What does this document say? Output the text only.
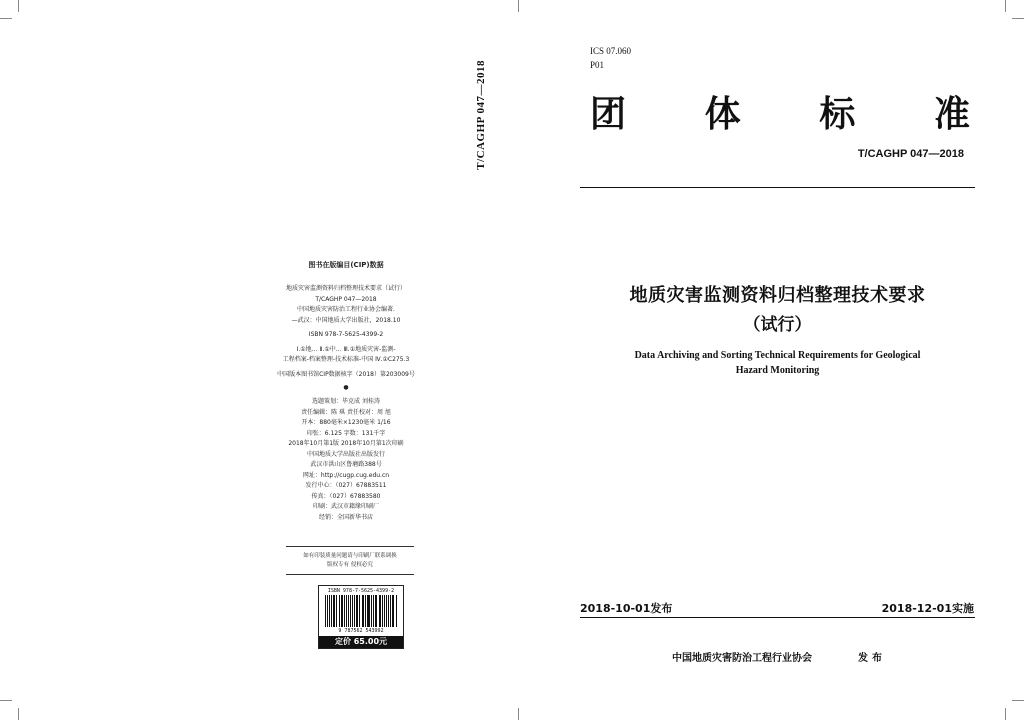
T/CAGHP 047—2018
图书在版编目(CIP)数据
地质灾害监测资料归档整理技术要求（试行）
T/CAGHP 047—2018
中国地质灾害防治工程行业协会编著.
—武汉：中国地质大学出版社，2018.10
ISBN 978-7-5625-4399-2
Ⅰ.①地… Ⅱ.①中… Ⅲ.①地质灾害-监测-
工程档案-档案整理-技术标准-中国 Ⅳ.①C275.3
中国版本图书馆CIP数据核字（2018）第203009号
●
选题策划：毕克成 刘桂涛
责任编辑：陈 琪 责任校对：周 旭
开本：880毫米×1230毫米 1/16
印张：6.125 字数：131千字
2018年10月第1版 2018年10月第1次印刷
中国地质大学出版社出版发行
武汉市洪山区鲁磨路388号
网址：http://cugp.cug.edu.cn
发行中心：（027）67883511
传真：（027）67883580
印刷：武汉市籍缘印刷厂
经销：全国新华书店
如有印装质量问题请与印刷厂联系调换
版权专有 侵权必究
ISBN 978-7-5625-4399-2
9 787562 543992
定价 65.00元
ICS 07.060
P01
团 体 标 准
T/CAGHP 047—2018
地质灾害监测资料归档整理技术要求
（试行）
Data Archiving and Sorting Technical Requirements for Geological
Hazard Monitoring
2018-10-01发布	2018-12-01实施
中国地质灾害防治工程行业协会	发布
